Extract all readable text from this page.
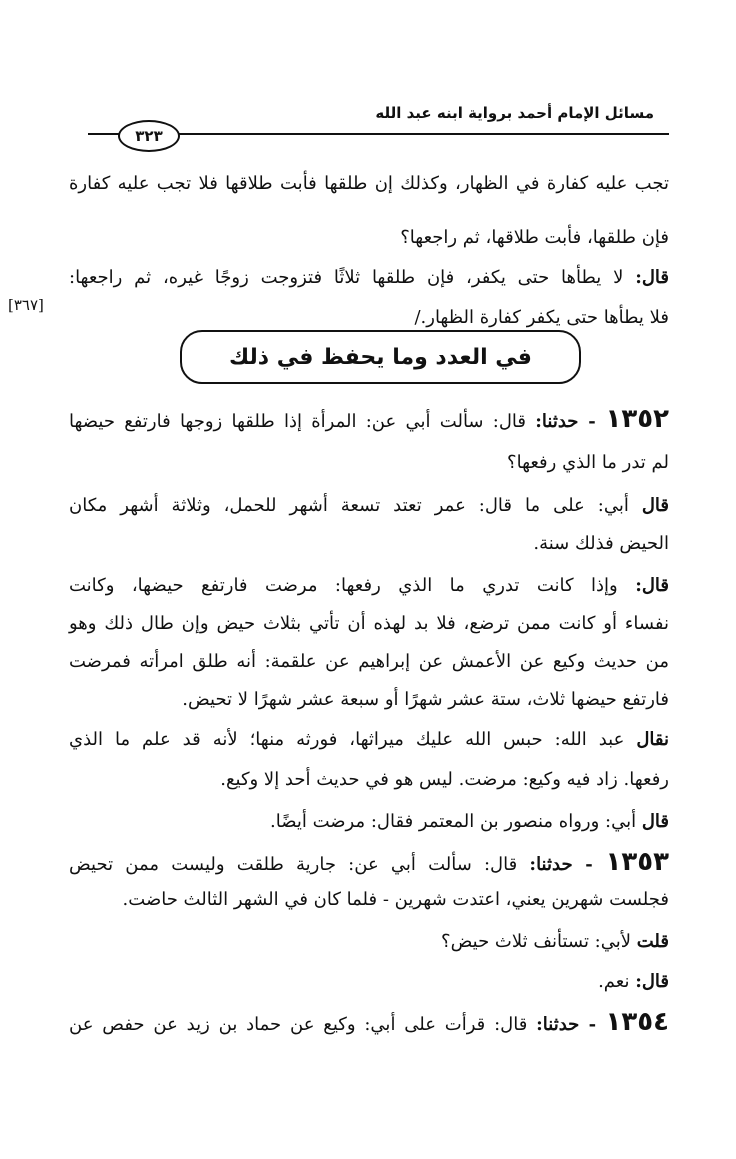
مسائل الإمام أحمد برواية ابنه عبد الله
٣٢٣
[٣٦٧]
في العدد وما يحفظ في ذلك
تجب عليه كفارة في الظهار، وكذلك إن طلقها فأبت طلاقها فلا تجب عليه كفارة
فإن طلقها، فأبت طلاقها، ثم راجعها؟
قال: لا يطأها حتى يكفر، فإن طلقها ثلاثًا فتزوجت زوجًا غيره، ثم راجعها:
فلا يطأها حتى يكفر كفارة الظهار./
١٣٥٢ - حدثنا: قال: سألت أبي عن: المرأة إذا طلقها زوجها فارتفع حيضها
لم تدر ما الذي رفعها؟
قال أبي: على ما قال: عمر تعتد تسعة أشهر للحمل، وثلاثة أشهر مكان
الحيض فذلك سنة.
قال: وإذا كانت تدري ما الذي رفعها: مرضت فارتفع حيضها، وكانت
نفساء أو كانت ممن ترضع، فلا بد لهذه أن تأتي بثلاث حيض وإن طال ذلك وهو
من حديث وكيع عن الأعمش عن إبراهيم عن علقمة: أنه طلق امرأته فمرضت
فارتفع حيضها ثلاث، ستة عشر شهرًا أو سبعة عشر شهرًا لا تحيض.
نقال عبد الله: حبس الله عليك ميراثها، فورثه منها؛ لأنه قد علم ما الذي
رفعها. زاد فيه وكيع: مرضت. ليس هو في حديث أحد إلا وكيع.
قال أبي: ورواه منصور بن المعتمر فقال: مرضت أيضًا.
١٣٥٣ - حدثنا: قال: سألت أبي عن: جارية طلقت وليست ممن تحيض
فجلست شهرين يعني، اعتدت شهرين - فلما كان في الشهر الثالث حاضت.
قلت لأبي: تستأنف ثلاث حيض؟
قال: نعم.
١٣٥٤ - حدثنا: قال: قرأت على أبي: وكيع عن حماد بن زيد عن حفص عن
